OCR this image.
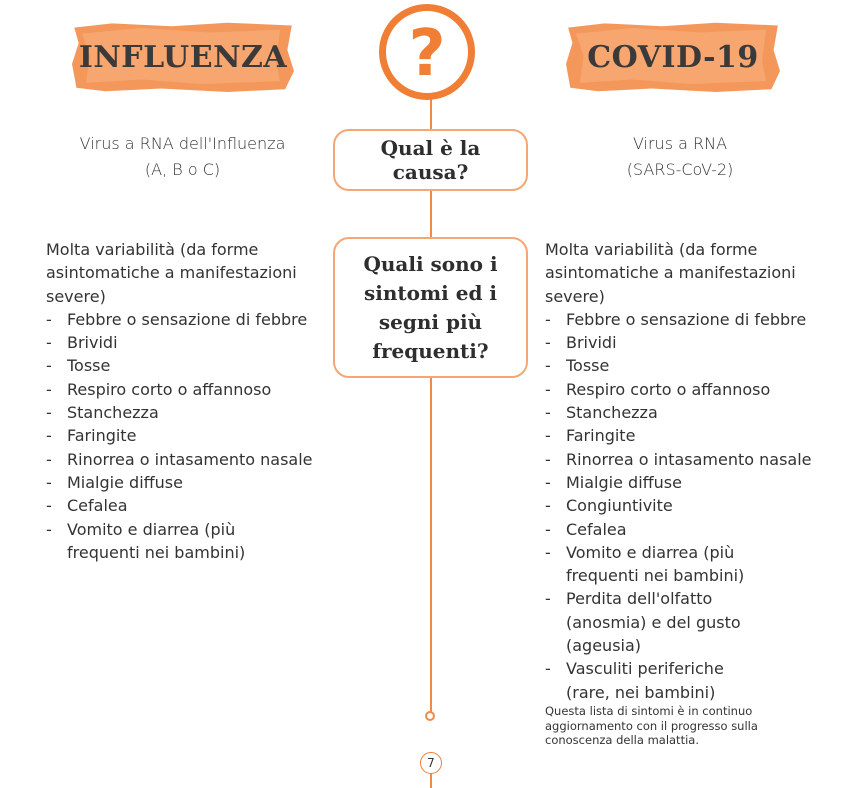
INFLUENZA	COVID-19
?
Qual è la causa?
Quali sono i sintomi ed i segni più frequenti?
Virus a RNA dell'Influenza
(A, B o C)
Virus a RNA
(SARS-CoV-2)

Molta variabilità (da forme asintomatiche a manifestazioni severe)

- Febbre o sensazione di febbre
- Brividi
- Tosse
- Respiro corto o affannoso
- Stanchezza
- Faringite
- Rinorrea o intasamento nasale
- Mialgie diffuse
- Cefalea
- Vomito e diarrea (più frequenti nei bambini)

Molta variabilità (da forme asintomatiche a manifestazioni severe)

- Febbre o sensazione di febbre
- Brividi
- Tosse
- Respiro corto o affannoso
- Stanchezza
- Faringite
- Rinorrea o intasamento nasale
- Mialgie diffuse
- Congiuntivite
- Cefalea
- Vomito e diarrea (più frequenti nei bambini)
- Perdita dell'olfatto (anosmia) e del gusto (ageusia)
- Vasculiti periferiche (rare, nei bambini)
Questa lista di sintomi è in continuo aggiornamento con il progresso sulla conoscenza della malattia.
7
